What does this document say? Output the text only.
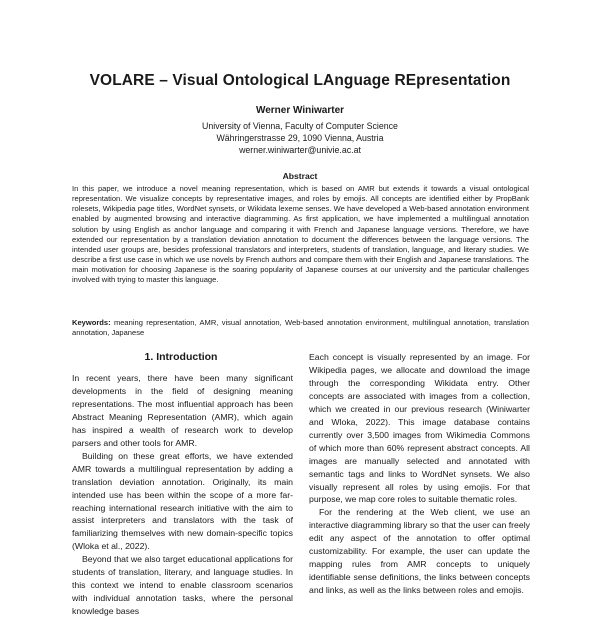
VOLARE – Visual Ontological LAnguage REpresentation
Werner Winiwarter
University of Vienna, Faculty of Computer Science
Währingerstrasse 29, 1090 Vienna, Austria
werner.winiwarter@univie.ac.at
Abstract
In this paper, we introduce a novel meaning representation, which is based on AMR but extends it towards a visual ontological representation. We visualize concepts by representative images, and roles by emojis. All concepts are identified either by PropBank rolesets, Wikipedia page titles, WordNet synsets, or Wikidata lexeme senses. We have developed a Web-based annotation environment enabled by augmented browsing and interactive diagramming. As first application, we have implemented a multilingual annotation solution by using English as anchor language and comparing it with French and Japanese language versions. Therefore, we have extended our representation by a translation deviation annotation to document the differences between the language versions. The intended user groups are, besides professional translators and interpreters, students of translation, language, and literary studies. We describe a first use case in which we use novels by French authors and compare them with their English and Japanese translations. The main motivation for choosing Japanese is the soaring popularity of Japanese courses at our university and the particular challenges involved with trying to master this language.
Keywords: meaning representation, AMR, visual annotation, Web-based annotation environment, multilingual annotation, translation annotation, Japanese
1. Introduction

In recent years, there have been many significant developments in the field of designing meaning representations. The most influential approach has been Abstract Meaning Representation (AMR), which again has inspired a wealth of research work to develop parsers and other tools for AMR.

Building on these great efforts, we have extended AMR towards a multilingual representation by adding a translation deviation annotation. Originally, its main intended use has been within the scope of a more far-reaching international research initiative with the aim to assist interpreters and translators with the task of familiarizing themselves with new domain-specific topics (Wloka et al., 2022).

Beyond that we also target educational applications for students of translation, literary, and language studies. In this context we intend to enable classroom scenarios with individual annotation tasks, where the personal knowledge bases

Each concept is visually represented by an image. For Wikipedia pages, we allocate and download the image through the corresponding Wikidata entry. Other concepts are associated with images from a collection, which we created in our previous research (Winiwarter and Wloka, 2022). This image database contains currently over 3,500 images from Wikimedia Commons of which more than 60% represent abstract concepts. All images are manually selected and annotated with semantic tags and links to WordNet synsets. We also visually represent all roles by using emojis. For that purpose, we map core roles to suitable thematic roles.

For the rendering at the Web client, we use an interactive diagramming library so that the user can freely edit any aspect of the annotation to offer optimal customizability. For example, the user can update the mapping rules from AMR concepts to uniquely identifiable sense definitions, the links between concepts and links, as well as the links between roles and emojis.
